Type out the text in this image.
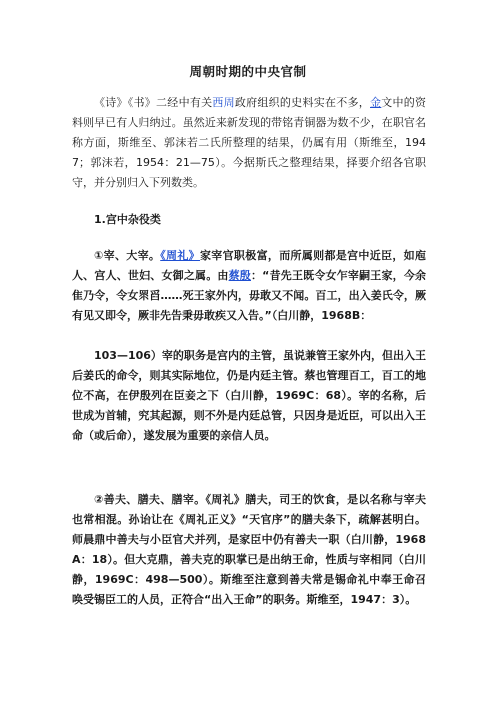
周朝时期的中央官制

《诗》《书》二经中有关西周政府组织的史料实在不多，金文中的资料则早已有人归纳过。虽然近来新发现的带铭青铜器为数不少，在职官名称方面，斯维至、郭沫若二氏所整理的结果，仍属有用（斯维至，1947；郭沫若，1954：21—75）。今据斯氏之整理结果，择要介绍各官职守，并分别归入下列数类。

1.宫中杂役类

①宰、大宰。《周礼》家宰官职极富，而所属则都是宫中近臣，如庖人、宫人、世妇、女御之属。由蔡殷：“昔先王既令女乍宰嗣王家，今余隹乃令，令女眔舀……死王家外内，毋敢又不闻。百工，出入姜氏令，厥有见又即令，厥非先告秉毋敢疾又入告。”（白川静，1968B：

103—106）宰的职务是宫内的主管，虽说兼管王家外内，但出入王后姜氏的命令，则其实际地位，仍是内廷主管。蔡也管理百工，百工的地位不高，在伊殷列在臣妾之下（白川静，1969C：68）。宰的名称，后世成为首辅，究其起源，则不外是内廷总管，只因身是近臣，可以出入王命（或后命），遂发展为重要的亲信人员。

②善夫、膳夫、膳宰。《周礼》膳夫，司王的饮食，是以名称与宰夫也常相混。孙诒让在《周礼正义》“天官序”的膳夫条下，疏解甚明白。师晨鼎中善夫与小臣官犬并列，是家臣中仍有善夫一职（白川静，1968A：18）。但大克鼎，善夫克的职掌已是出纳王命，性质与宰相同（白川静，1969C：498—500）。斯维至注意到善夫常是锡命礼中奉王命召唤受锡臣工的人员，正符合“出入王命”的职务。斯维至，1947：3）。
